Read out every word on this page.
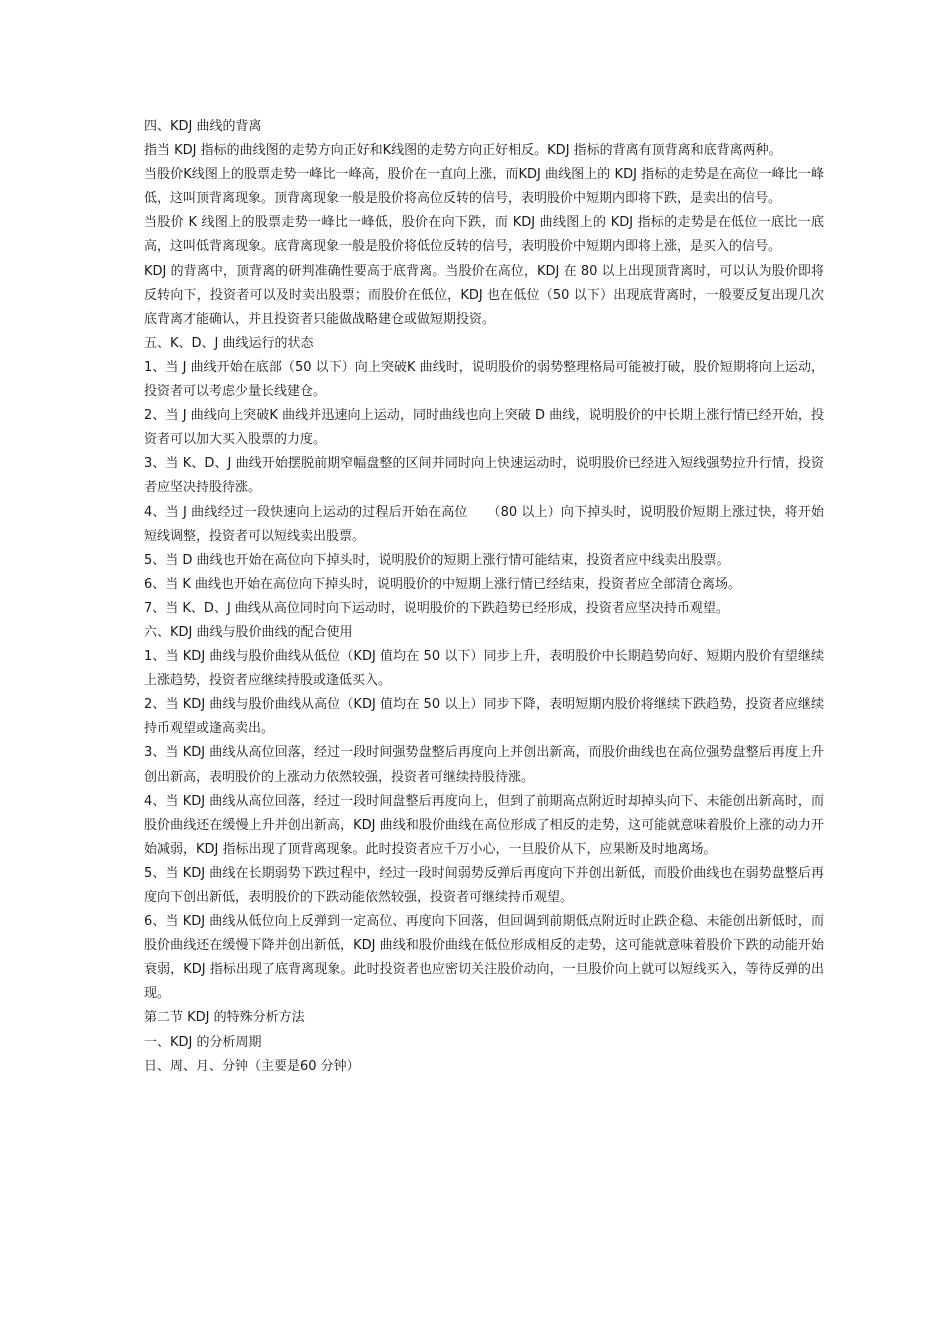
四、KDJ 曲线的背离

指当 KDJ 指标的曲线图的走势方向正好和K线图的走势方向正好相反。KDJ 指标的背离有顶背离和底背离两种。

当股价K线图上的股票走势一峰比一峰高，股价在一直向上涨，而KDJ 曲线图上的 KDJ 指标的走势是在高位一峰比一峰低，这叫顶背离现象。顶背离现象一般是股价将高位反转的信号，表明股价中短期内即将下跌，是卖出的信号。

当股价 K 线图上的股票走势一峰比一峰低，股价在向下跌，而 KDJ 曲线图上的 KDJ 指标的走势是在低位一底比一底高，这叫低背离现象。底背离现象一般是股价将低位反转的信号，表明股价中短期内即将上涨，是买入的信号。

KDJ 的背离中，顶背离的研判准确性要高于底背离。当股价在高位，KDJ 在 80 以上出现顶背离时，可以认为股价即将反转向下，投资者可以及时卖出股票；而股价在低位，KDJ 也在低位（50 以下）出现底背离时，一般要反复出现几次底背离才能确认，并且投资者只能做战略建仓或做短期投资。

五、K、D、J 曲线运行的状态

1、当 J 曲线开始在底部（50 以下）向上突破K 曲线时，说明股价的弱势整理格局可能被打破，股价短期将向上运动，投资者可以考虑少量长线建仓。

2、当 J 曲线向上突破K 曲线并迅速向上运动，同时曲线也向上突破 D 曲线，说明股价的中长期上涨行情已经开始，投资者可以加大买入股票的力度。

3、当 K、D、J 曲线开始摆脱前期窄幅盘整的区间并同时向上快速运动时，说明股价已经进入短线强势拉升行情，投资者应坚决持股待涨。

4、当 J 曲线经过一段快速向上运动的过程后开始在高位　　（80 以上）向下掉头时，说明股价短期上涨过快，将开始短线调整，投资者可以短线卖出股票。

5、当 D 曲线也开始在高位向下掉头时，说明股价的短期上涨行情可能结束，投资者应中线卖出股票。

6、当 K 曲线也开始在高位向下掉头时，说明股价的中短期上涨行情已经结束，投资者应全部清仓离场。

7、当 K、D、J 曲线从高位同时向下运动时，说明股价的下跌趋势已经形成，投资者应坚决持币观望。

六、KDJ 曲线与股价曲线的配合使用

1、当 KDJ 曲线与股价曲线从低位（KDJ 值均在 50 以下）同步上升，表明股价中长期趋势向好、短期内股价有望继续上涨趋势，投资者应继续持股或逢低买入。

2、当 KDJ 曲线与股价曲线从高位（KDJ 值均在 50 以上）同步下降，表明短期内股价将继续下跌趋势，投资者应继续持币观望或逢高卖出。

3、当 KDJ 曲线从高位回落，经过一段时间强势盘整后再度向上并创出新高，而股价曲线也在高位强势盘整后再度上升创出新高，表明股价的上涨动力依然较强，投资者可继续持股待涨。

4、当 KDJ 曲线从高位回落，经过一段时间盘整后再度向上，但到了前期高点附近时却掉头向下、未能创出新高时，而股价曲线还在缓慢上升并创出新高，KDJ 曲线和股价曲线在高位形成了相反的走势，这可能就意味着股价上涨的动力开始减弱，KDJ 指标出现了顶背离现象。此时投资者应千万小心，一旦股价从下，应果断及时地离场。

5、当 KDJ 曲线在长期弱势下跌过程中，经过一段时间弱势反弹后再度向下并创出新低，而股价曲线也在弱势盘整后再度向下创出新低，表明股价的下跌动能依然较强，投资者可继续持币观望。

6、当 KDJ 曲线从低位向上反弹到一定高位、再度向下回落，但回调到前期低点附近时止跌企稳、未能创出新低时，而股价曲线还在缓慢下降并创出新低，KDJ 曲线和股价曲线在低位形成相反的走势，这可能就意味着股价下跌的动能开始衰弱，KDJ 指标出现了底背离现象。此时投资者也应密切关注股价动向，一旦股价向上就可以短线买入，等待反弹的出现。

第二节 KDJ 的特殊分析方法

一、KDJ 的分析周期

日、周、月、分钟（主要是60 分钟）
